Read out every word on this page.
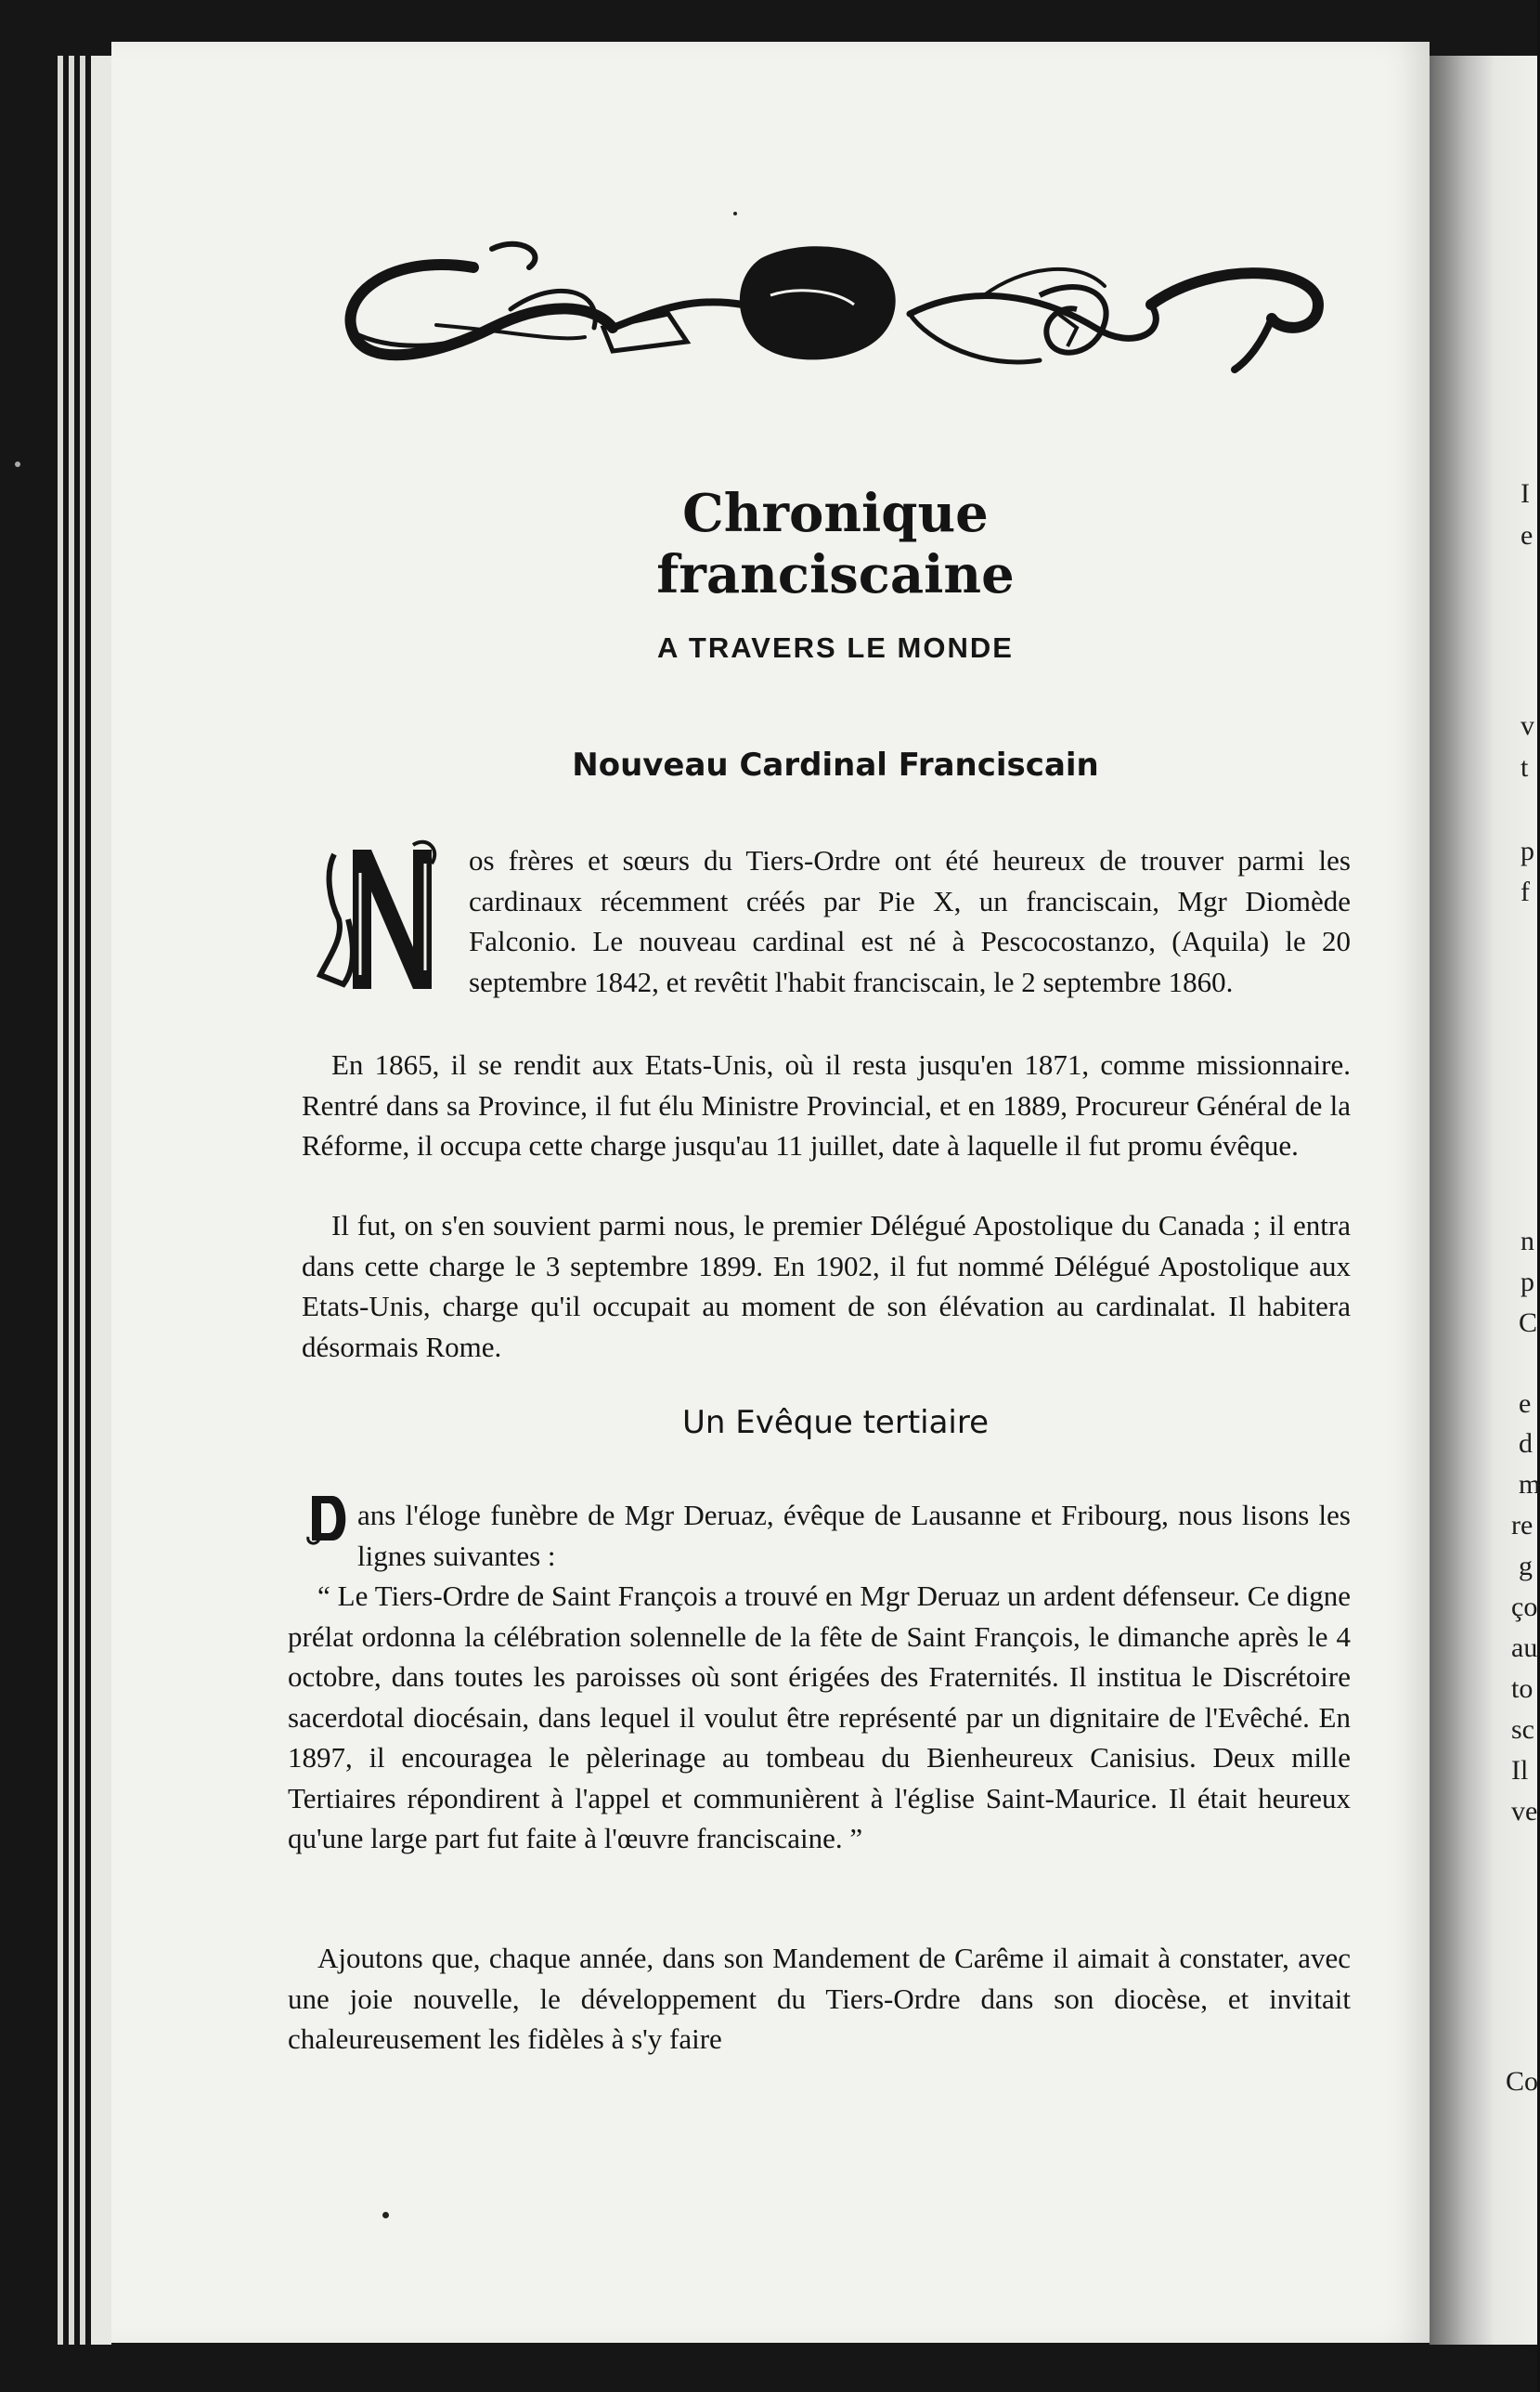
I
e
v
t
p
f
n
p
C
e
d
m
re
g
ço
au
to
sc
Il
ve
Co
Chronique franciscaine
A TRAVERS LE MONDE
Nouveau Cardinal Franciscain

os frères et sœurs du Tiers-Ordre ont été heureux de trouver parmi les cardinaux récemment créés par Pie X, un franciscain, Mgr Diomède Falconio. Le nouveau cardinal est né à Pescocostanzo, (Aquila) le 20 septembre 1842, et revêtit l'habit franciscain, le 2 septembre 1860.

En 1865, il se rendit aux Etats-Unis, où il resta jusqu'en 1871, comme missionnaire. Rentré dans sa Province, il fut élu Ministre Provincial, et en 1889, Procureur Général de la Réforme, il occupa cette charge jusqu'au 11 juillet, date à laquelle il fut promu évêque.

Il fut, on s'en souvient parmi nous, le premier Délégué Apostolique du Canada ; il entra dans cette charge le 3 septembre 1899. En 1902, il fut nommé Délégué Apostolique aux Etats-Unis, charge qu'il occupait au moment de son élévation au cardinalat. Il habitera désormais Rome.

Un Evêque tertiaire

ans l'éloge funèbre de Mgr Deruaz, évêque de Lausanne et Fribourg, nous lisons les lignes suivantes :

“ Le Tiers-Ordre de Saint François a trouvé en Mgr Deruaz un ardent défenseur. Ce digne prélat ordonna la célébration solennelle de la fête de Saint François, le dimanche après le 4 octobre, dans toutes les paroisses où sont érigées des Fraternités. Il institua le Discrétoire sacerdotal diocésain, dans lequel il voulut être représenté par un dignitaire de l'Evêché. En 1897, il encouragea le pèlerinage au tombeau du Bienheureux Canisius. Deux mille Tertiaires répondirent à l'appel et communièrent à l'église Saint-Maurice. Il était heureux qu'une large part fut faite à l'œuvre franciscaine. ”

Ajoutons que, chaque année, dans son Mandement de Carême il aimait à constater, avec une joie nouvelle, le développement du Tiers-Ordre dans son diocèse, et invitait chaleureusement les fidèles à s'y faire
